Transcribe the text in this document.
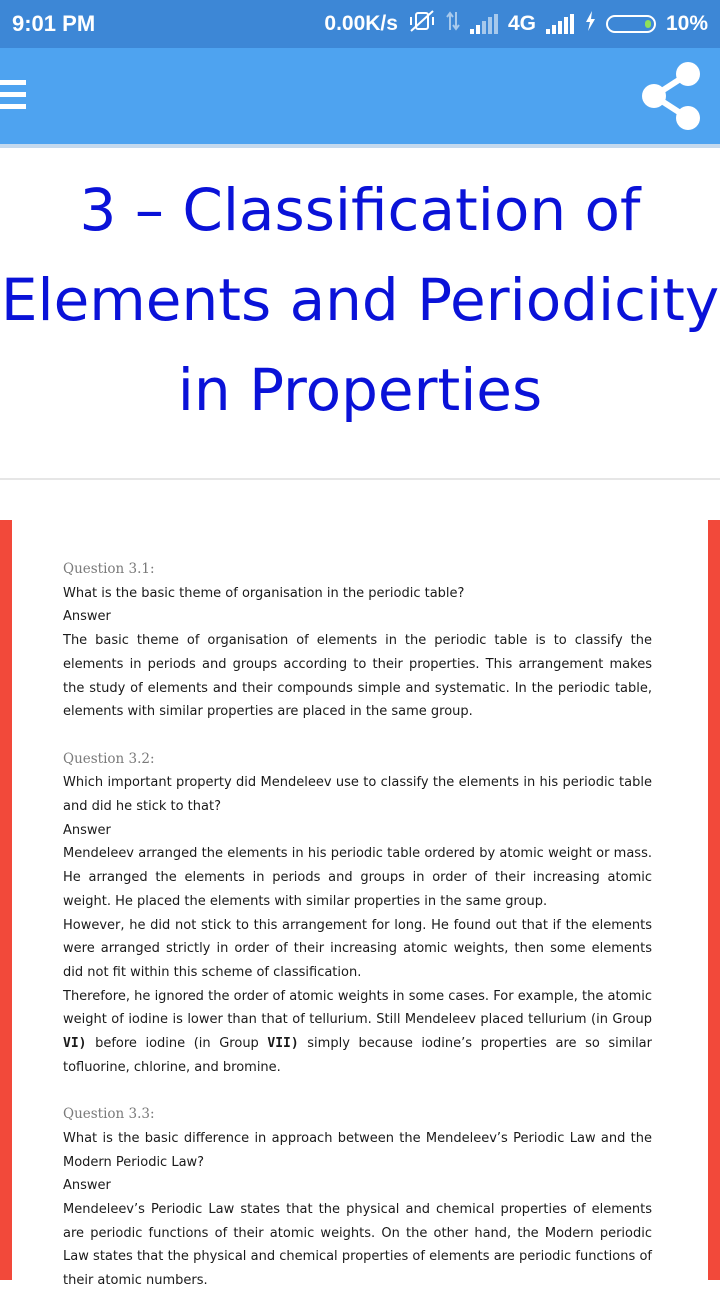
9:01 PM	0.00K/s	4G	10%
3 – Classification of
Elements and Periodicity
in Properties
Question 3.1:
What is the basic theme of organisation in the periodic table?
Answer
The basic theme of organisation of elements in the periodic table is to classify the elements in periods and groups according to their properties. This arrangement makes the study of elements and their compounds simple and systematic. In the periodic table, elements with similar properties are placed in the same group.
Question 3.2:
Which important property did Mendeleev use to classify the elements in his periodic table and did he stick to that?
Answer
Mendeleev arranged the elements in his periodic table ordered by atomic weight or mass. He arranged the elements in periods and groups in order of their increasing atomic weight. He placed the elements with similar properties in the same group.
However, he did not stick to this arrangement for long. He found out that if the elements were arranged strictly in order of their increasing atomic weights, then some elements did not fit within this scheme of classification.
Therefore, he ignored the order of atomic weights in some cases. For example, the atomic weight of iodine is lower than that of tellurium. Still Mendeleev placed tellurium (in Group VI) before iodine (in Group VII) simply because iodine’s properties are so similar tofluorine, chlorine, and bromine.
Question 3.3:
What is the basic difference in approach between the Mendeleev’s Periodic Law and the Modern Periodic Law?
Answer
Mendeleev’s Periodic Law states that the physical and chemical properties of elements are periodic functions of their atomic weights. On the other hand, the Modern periodic Law states that the physical and chemical properties of elements are periodic functions of their atomic numbers.
